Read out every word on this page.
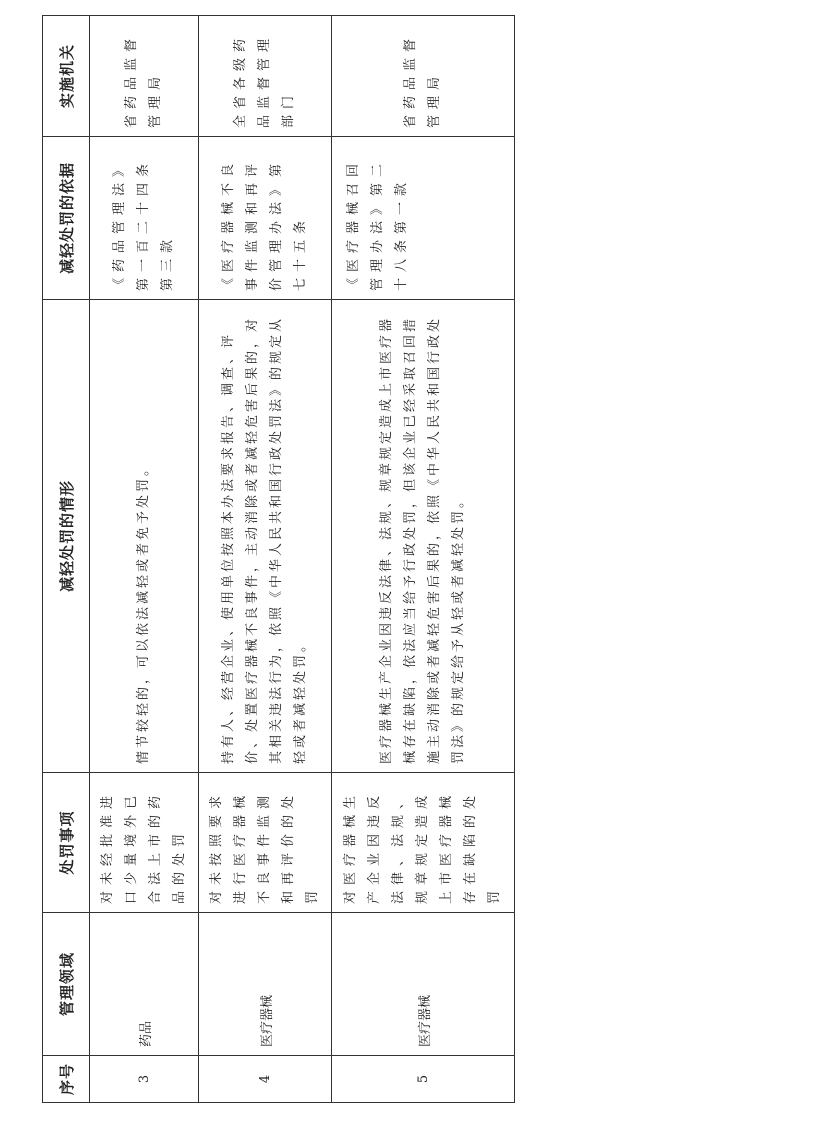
序号	管理领域	处罚事项	减轻处罚的情形	减轻处罚的依据	实施机关
3	药品	对未经批准进口少量境外已合法上市的药品的处罚	情节较轻的，可以依法减轻或者免予处罚。	《药品管理法》第一百二十四条第三款	省药品监督管理局

4	医疗器械	对未按照要求进行医疗器械不良事件监测和再评价的处罚	持有人、经营企业、使用单位按照本办法要求报告、调查、评价、处置医疗器械不良事件，主动消除或者减轻危害后果的，对其相关违法行为，依照《中华人民共和国行政处罚法》的规定从轻或者减轻处罚。	《医疗器械不良事件监测和再评价管理办法》第七十五条	全省各级药品监督管理部门

5	医疗器械	对医疗器械生产企业因违反法律、法规、规章规定造成上市医疗器械存在缺陷的处罚	医疗器械生产企业因违反法律、法规、规章规定造成上市医疗器械存在缺陷，依法应当给予行政处罚，但该企业已经采取召回措施主动消除或者减轻危害后果的，依照《中华人民共和国行政处罚法》的规定给予从轻或者减轻处罚。	《医疗器械召回管理办法》第二十八条第一款	省药品监督管理局
